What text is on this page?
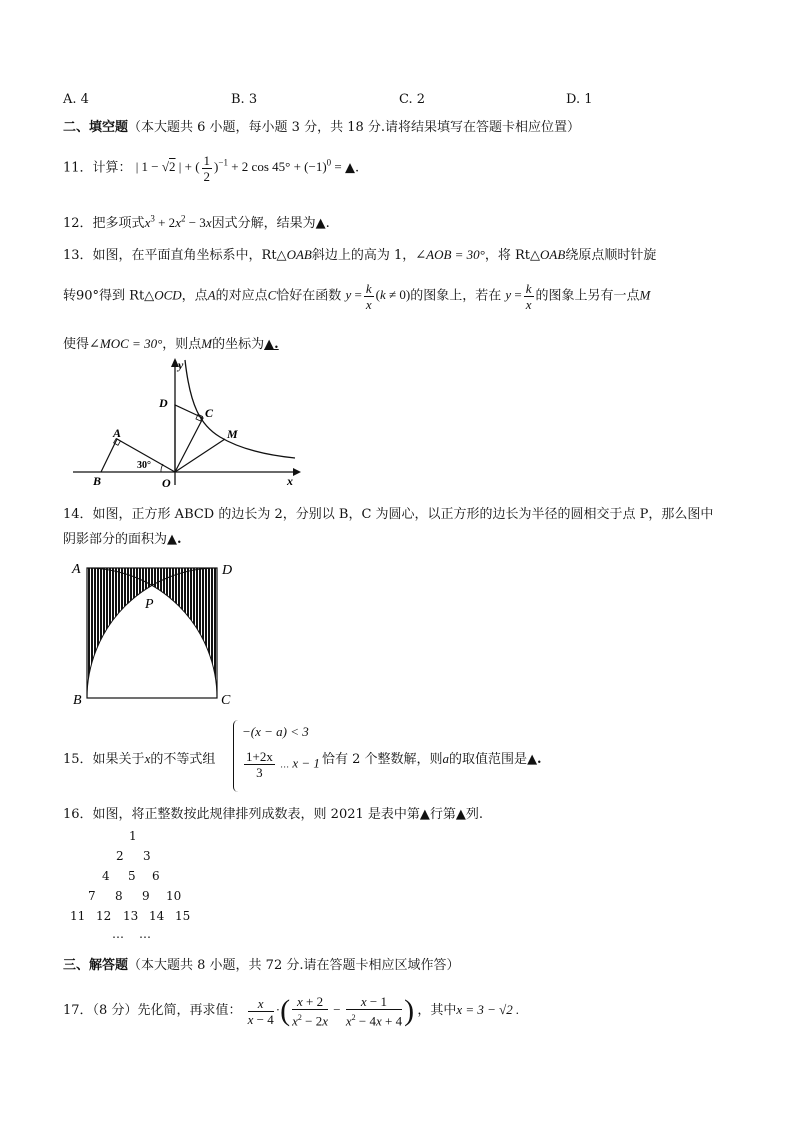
A. 4	B. 3	C. 2	D. 1
二、填空题（本大题共 6 小题，每小题 3 分，共 18 分.请将结果填写在答题卡相应位置）
11．计算： | 1 − √2 | + ( $\frac{1}{2} )^{-1} + 2$ $\cos 45^\circ + (-1)^0$ = ▲.
12．把多项式$x^3 + 2x^2 - 3x$因式分解，结果为▲.
13．如图，在平面直角坐标系中，Rt△OAB斜边上的高为 1，∠AOB = 30°，将 Rt△OAB绕原点顺时针旋
转90°得到 Rt△OCD，点A的对应点C恰好在函数 $y = \frac{k}{x} (k \ne 0)$的图象上，若在 $y = \frac{k}{x}$ 的图象上另有一点M
使得∠MOC = 30°，则点M的坐标为▲.
y
x
D
C
A	M
B	O
30°
14．如图，正方形 ABCD 的边长为 2，分别以 B，C 为圆心，以正方形的边长为半径的圆相交于点 P，那么图中
阴影部分的面积为▲.
A	D
P
B	C
15．如果关于x的不等式组
−(x − a) < 3
$\frac{1+2x}{3}$ … x − 1 恰有 2 个整数解，则a的取值范围是▲.
16．如图，将正整数按此规律排列成数表，则 2021 是表中第▲行第▲列.
1
2 3
4 5 6
7 8 9 10
11 12 13 14 15
… …
三、解答题（本大题共 8 小题，共 72 分.请在答题卡相应区域作答）
17．（8 分）先化简，再求值： $\frac{x}{x - 4}$ ·( $\frac{x + 2}{x^2 - 2x} - \frac{x - 1}{x^2 - 4x + 4}$ ) ，其中x = 3 − √2 .
